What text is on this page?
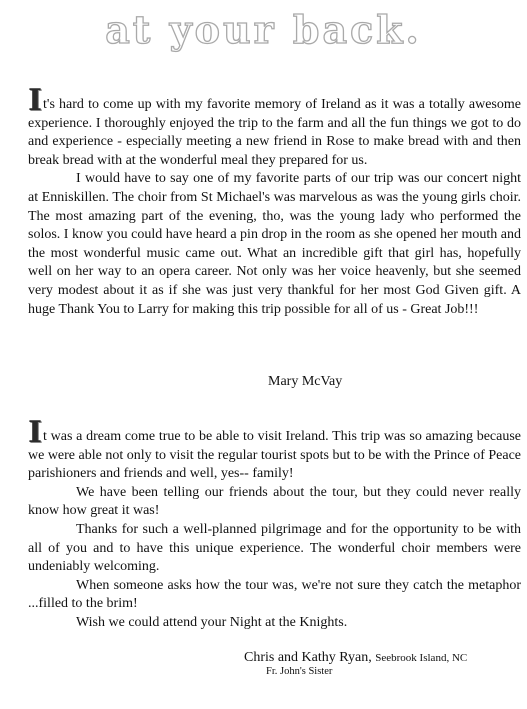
at your back.

It's hard to come up with my favorite memory of Ireland as it was a totally awesome experience. I thoroughly enjoyed the trip to the farm and all the fun things we got to do and experience - especially meeting a new friend in Rose to make bread with and then break bread with at the wonderful meal they prepared for us.

I would have to say one of my favorite parts of our trip was our concert night at Enniskillen. The choir from St Michael's was marvelous as was the young girls choir. The most amazing part of the evening, tho, was the young lady who performed the solos. I know you could have heard a pin drop in the room as she opened her mouth and the most wonderful music came out. What an incredible gift that girl has, hopefully well on her way to an opera career. Not only was her voice heavenly, but she seemed very modest about it as if she was just very thankful for her most God Given gift. A huge Thank You to Larry for making this trip possible for all of us - Great Job!!!

Mary McVay

It was a dream come true to be able to visit Ireland. This trip was so amazing because we were able not only to visit the regular tourist spots but to be with the Prince of Peace parishioners and friends and well, yes-- family!

We have been telling our friends about the tour, but they could never really know how great it was!

Thanks for such a well-planned pilgrimage and for the opportunity to be with all of you and to have this unique experience. The wonderful choir members were undeniably welcoming.

When someone asks how the tour was, we're not sure they catch the metaphor ...filled to the brim!

Wish we could attend your Night at the Knights.

Chris and Kathy Ryan, Seebrook Island, NC
Fr. John's Sister
